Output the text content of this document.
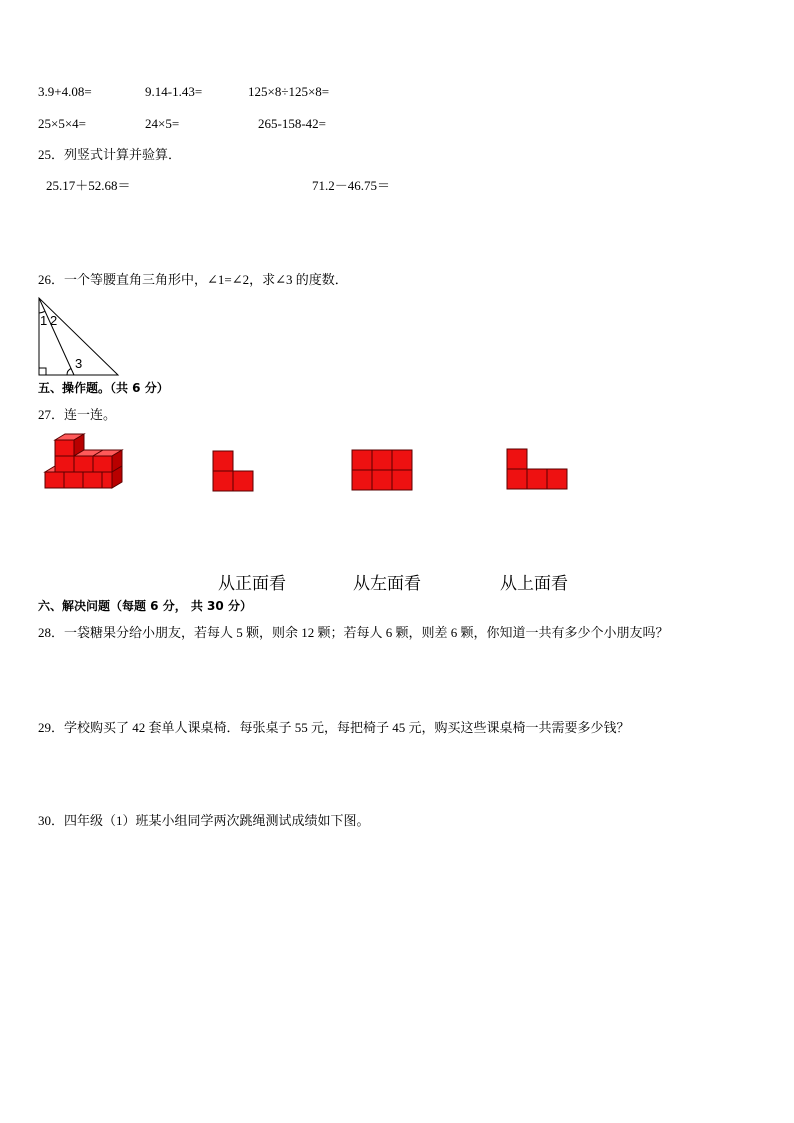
3.9+4.08=	9.14-1.43=	125×8÷125×8=
25×5×4=	24×5=	265-158-42=
25．列竖式计算并验算．
25.17＋52.68＝	71.2－46.75＝
26．一个等腰直角三角形中，∠1=∠2，求∠3 的度数．
1 2
3
五、操作题。（共 6 分）
27．连一连。
从正面看	从左面看	从上面看
六、解决问题（每题 6 分， 共 30 分）
28．一袋糖果分给小朋友，若每人 5 颗，则余 12 颗；若每人 6 颗，则差 6 颗，你知道一共有多少个小朋友吗？
29．学校购买了 42 套单人课桌椅．每张桌子 55 元，每把椅子 45 元，购买这些课桌椅一共需要多少钱？
30．四年级（1）班某小组同学两次跳绳测试成绩如下图。
